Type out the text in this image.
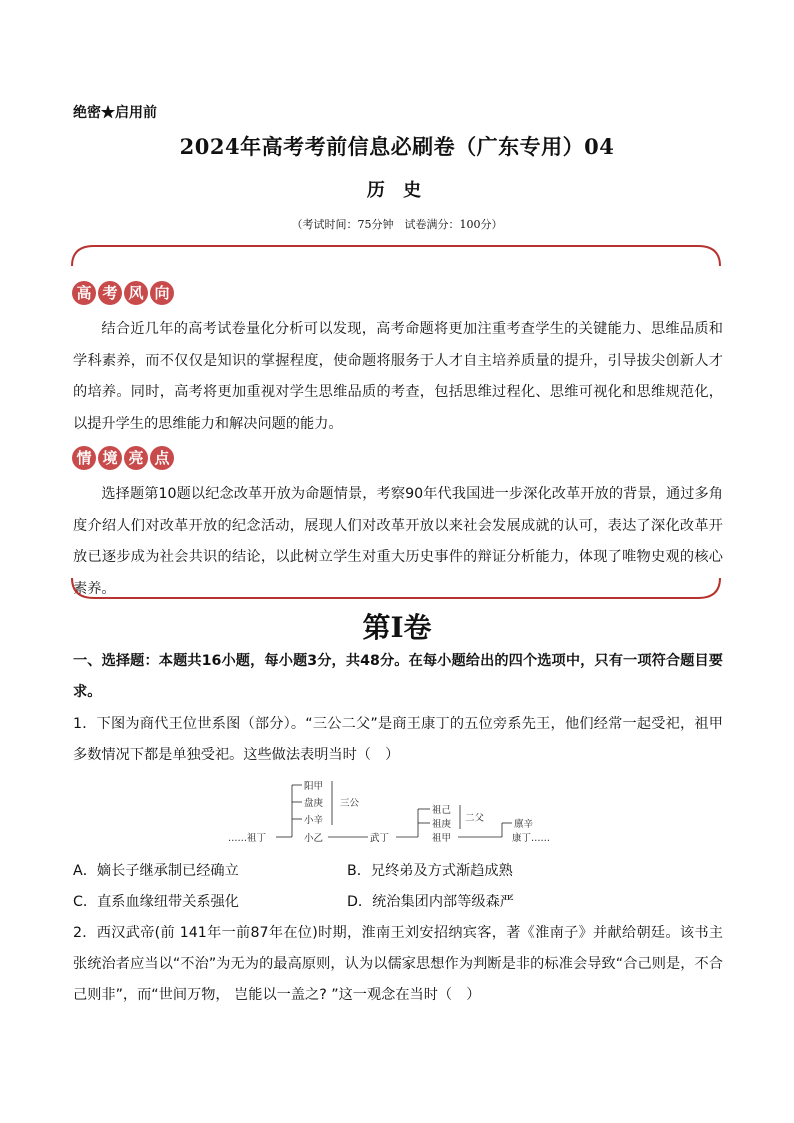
绝密★启用前
2024年高考考前信息必刷卷（广东专用）04
历 史
（考试时间：75分钟　试卷满分：100分）
高 考 风 向
结合近几年的高考试卷量化分析可以发现，高考命题将更加注重考查学生的关键能力、思维品质和学科素养，而不仅仅是知识的掌握程度，使命题将服务于人才自主培养质量的提升，引导拔尖创新人才的培养。同时，高考将更加重视对学生思维品质的考查，包括思维过程化、思维可视化和思维规范化，以提升学生的思维能力和解决问题的能力。
情 境 亮 点
选择题第10题以纪念改革开放为命题情景，考察90年代我国进一步深化改革开放的背景，通过多角度介绍人们对改革开放的纪念活动，展现人们对改革开放以来社会发展成就的认可，表达了深化改革开放已逐步成为社会共识的结论，以此树立学生对重大历史事件的辩证分析能力，体现了唯物史观的核心素养。
第I卷
一、选择题：本题共16小题，每小题3分，共48分。在每小题给出的四个选项中，只有一项符合题目要求。
1．下图为商代王位世系图（部分）。“三公二父”是商王康丁的五位旁系先王，他们经常一起受祀，祖甲多数情况下都是单独受祀。这些做法表明当时（　）
……祖丁
阳甲
盘庚
小辛
小乙
三公
武丁
祖己
祖庚
祖甲
二父
廪辛
康丁……
A．嫡长子继承制已经确立	B．兄终弟及方式渐趋成熟
C．直系血缘纽带关系强化	D．统治集团内部等级森严
2．西汉武帝(前 141年一前87年在位)时期，淮南王刘安招纳宾客，著《淮南子》并献给朝廷。该书主张统治者应当以“不治”为无为的最高原则，认为以儒家思想作为判断是非的标准会导致“合己则是，不合己则非”，而“世间万物， 岂能以一盖之? ”这一观念在当时（　）
